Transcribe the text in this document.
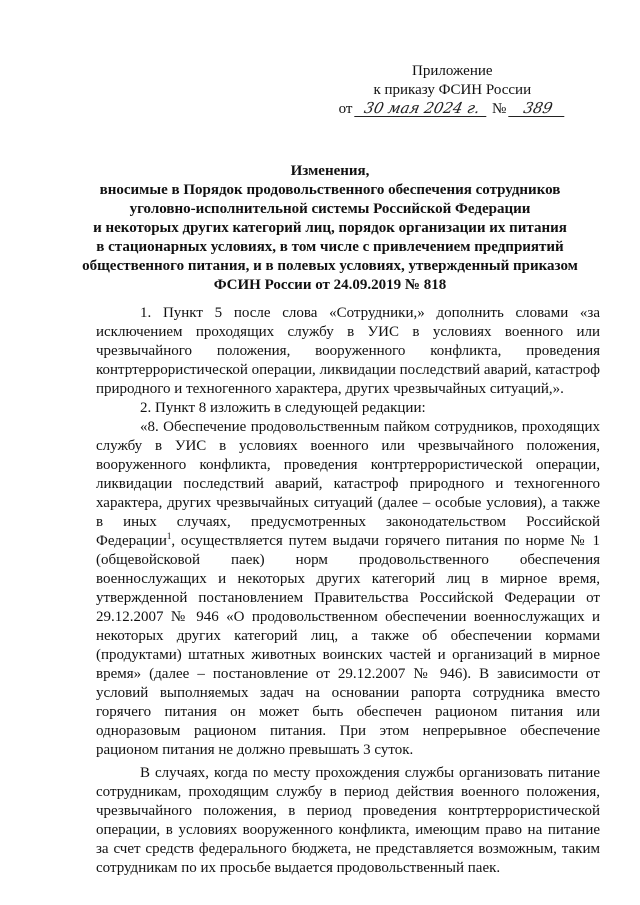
Приложение
к приказу ФСИН России
от 30 мая 2024 г. № 389
Изменения,
вносимые в Порядок продовольственного обеспечения сотрудников
уголовно-исполнительной системы Российской Федерации
и некоторых других категорий лиц, порядок организации их питания
в стационарных условиях, в том числе с привлечением предприятий
общественного питания, и в полевых условиях, утвержденный приказом
ФСИН России от 24.09.2019 № 818

1. Пункт 5 после слова «Сотрудники,» дополнить словами «за исключением проходящих службу в УИС в условиях военного или чрезвычайного положения, вооруженного конфликта, проведения контртеррористической операции, ликвидации последствий аварий, катастроф природного и техногенного характера, других чрезвычайных ситуаций,».

2. Пункт 8 изложить в следующей редакции:

«8. Обеспечение продовольственным пайком сотрудников, проходящих службу в УИС в условиях военного или чрезвычайного положения, вооруженного конфликта, проведения контртеррористической операции, ликвидации последствий аварий, катастроф природного и техногенного характера, других чрезвычайных ситуаций (далее – особые условия), а также в иных случаях, предусмотренных законодательством Российской Федерации$^1$, осуществляется путем выдачи горячего питания по норме № 1 (общевойсковой паек) норм продовольственного обеспечения военнослужащих и некоторых других категорий лиц в мирное время, утвержденной постановлением Правительства Российской Федерации от 29.12.2007 № 946 «О продовольственном обеспечении военнослужащих и некоторых других категорий лиц, а также об обеспечении кормами (продуктами) штатных животных воинских частей и организаций в мирное время» (далее – постановление от 29.12.2007 № 946). В зависимости от условий выполняемых задач на основании рапорта сотрудника вместо горячего питания он может быть обеспечен рационом питания или одноразовым рационом питания. При этом непрерывное обеспечение рационом питания не должно превышать 3 суток.

В случаях, когда по месту прохождения службы организовать питание сотрудникам, проходящим службу в период действия военного положения, чрезвычайного положения, в период проведения контртеррористической операции, в условиях вооруженного конфликта, имеющим право на питание за счет средств федерального бюджета, не представляется возможным, таким сотрудникам по их просьбе выдается продовольственный паек.
